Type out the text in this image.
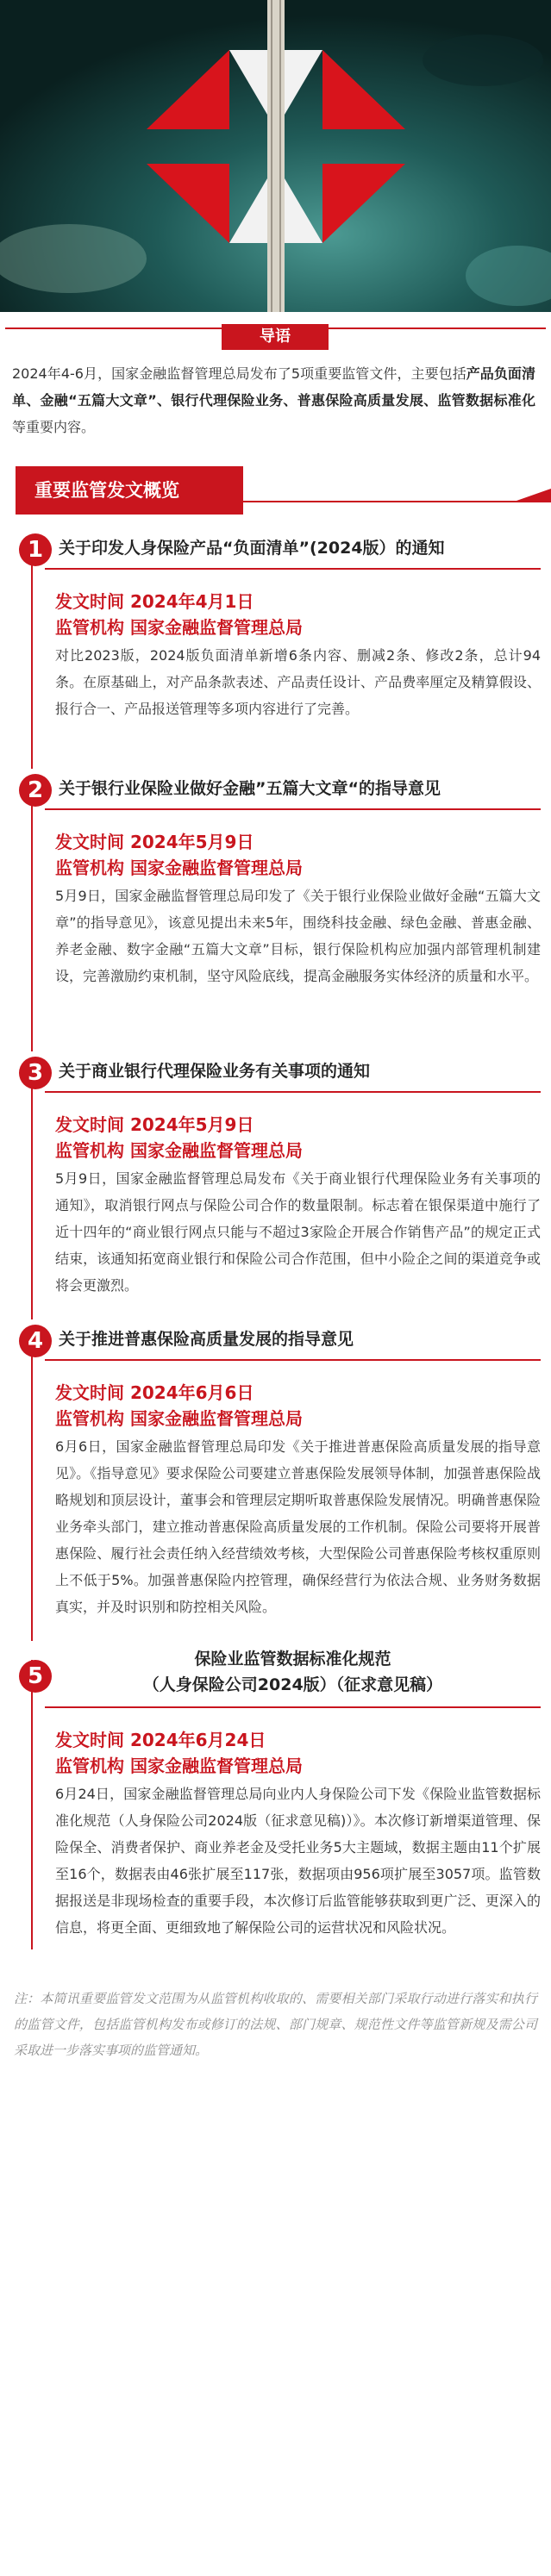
导语

2024年4-6月，国家金融监督管理总局发布了5项重要监管文件，主要包括产品负面清单、金融“五篇大文章”、银行代理保险业务、普惠保险高质量发展、监管数据标准化等重要内容。

重要监管发文概览
1 关于印发人身保险产品“负面清单”(2024版）的通知
发文时间 2024年4月1日
监管机构 国家金融监督管理总局

对比2023版，2024版负面清单新增6条内容、删减2条、修改2条，总计94条。在原基础上，对产品条款表述、产品责任设计、产品费率厘定及精算假设、报行合一、产品报送管理等多项内容进行了完善。

2 关于银行业保险业做好金融”五篇大文章“的指导意见
发文时间 2024年5月9日
监管机构 国家金融监督管理总局

5月9日，国家金融监督管理总局印发了《关于银行业保险业做好金融“五篇大文章”的指导意见》，该意见提出未来5年，围绕科技金融、绿色金融、普惠金融、养老金融、数字金融“五篇大文章”目标，银行保险机构应加强内部管理机制建设，完善激励约束机制，坚守风险底线，提高金融服务实体经济的质量和水平。

3 关于商业银行代理保险业务有关事项的通知
发文时间 2024年5月9日
监管机构 国家金融监督管理总局

5月9日，国家金融监督管理总局发布《关于商业银行代理保险业务有关事项的通知》，取消银行网点与保险公司合作的数量限制。标志着在银保渠道中施行了近十四年的“商业银行网点只能与不超过3家险企开展合作销售产品”的规定正式结束，该通知拓宽商业银行和保险公司合作范围，但中小险企之间的渠道竞争或将会更激烈。

4 关于推进普惠保险高质量发展的指导意见
发文时间 2024年6月6日
监管机构 国家金融监督管理总局

6月6日，国家金融监督管理总局印发《关于推进普惠保险高质量发展的指导意见》。《指导意见》要求保险公司要建立普惠保险发展领导体制，加强普惠保险战略规划和顶层设计，董事会和管理层定期听取普惠保险发展情况。明确普惠保险业务牵头部门，建立推动普惠保险高质量发展的工作机制。保险公司要将开展普惠保险、履行社会责任纳入经营绩效考核，大型保险公司普惠保险考核权重原则上不低于5%。加强普惠保险内控管理，确保经营行为依法合规、业务财务数据真实，并及时识别和防控相关风险。

5
保险业监管数据标准化规范
（人身保险公司2024版）（征求意见稿）
发文时间 2024年6月24日
监管机构 国家金融监督管理总局

6月24日，国家金融监督管理总局向业内人身保险公司下发《保险业监管数据标准化规范（人身保险公司2024版（征求意见稿)）》。本次修订新增渠道管理、保险保全、消费者保护、商业养老金及受托业务5大主题域，数据主题由11个扩展至16个，数据表由46张扩展至117张，数据项由956项扩展至3057项。监管数据报送是非现场检查的重要手段，本次修订后监管能够获取到更广泛、更深入的信息，将更全面、更细致地了解保险公司的运营状况和风险状况。

注：本简讯重要监管发文范围为从监管机构收取的、需要相关部门采取行动进行落实和执行的监管文件，包括监管机构发布或修订的法规、部门规章、规范性文件等监管新规及需公司采取进一步落实事项的监管通知。
